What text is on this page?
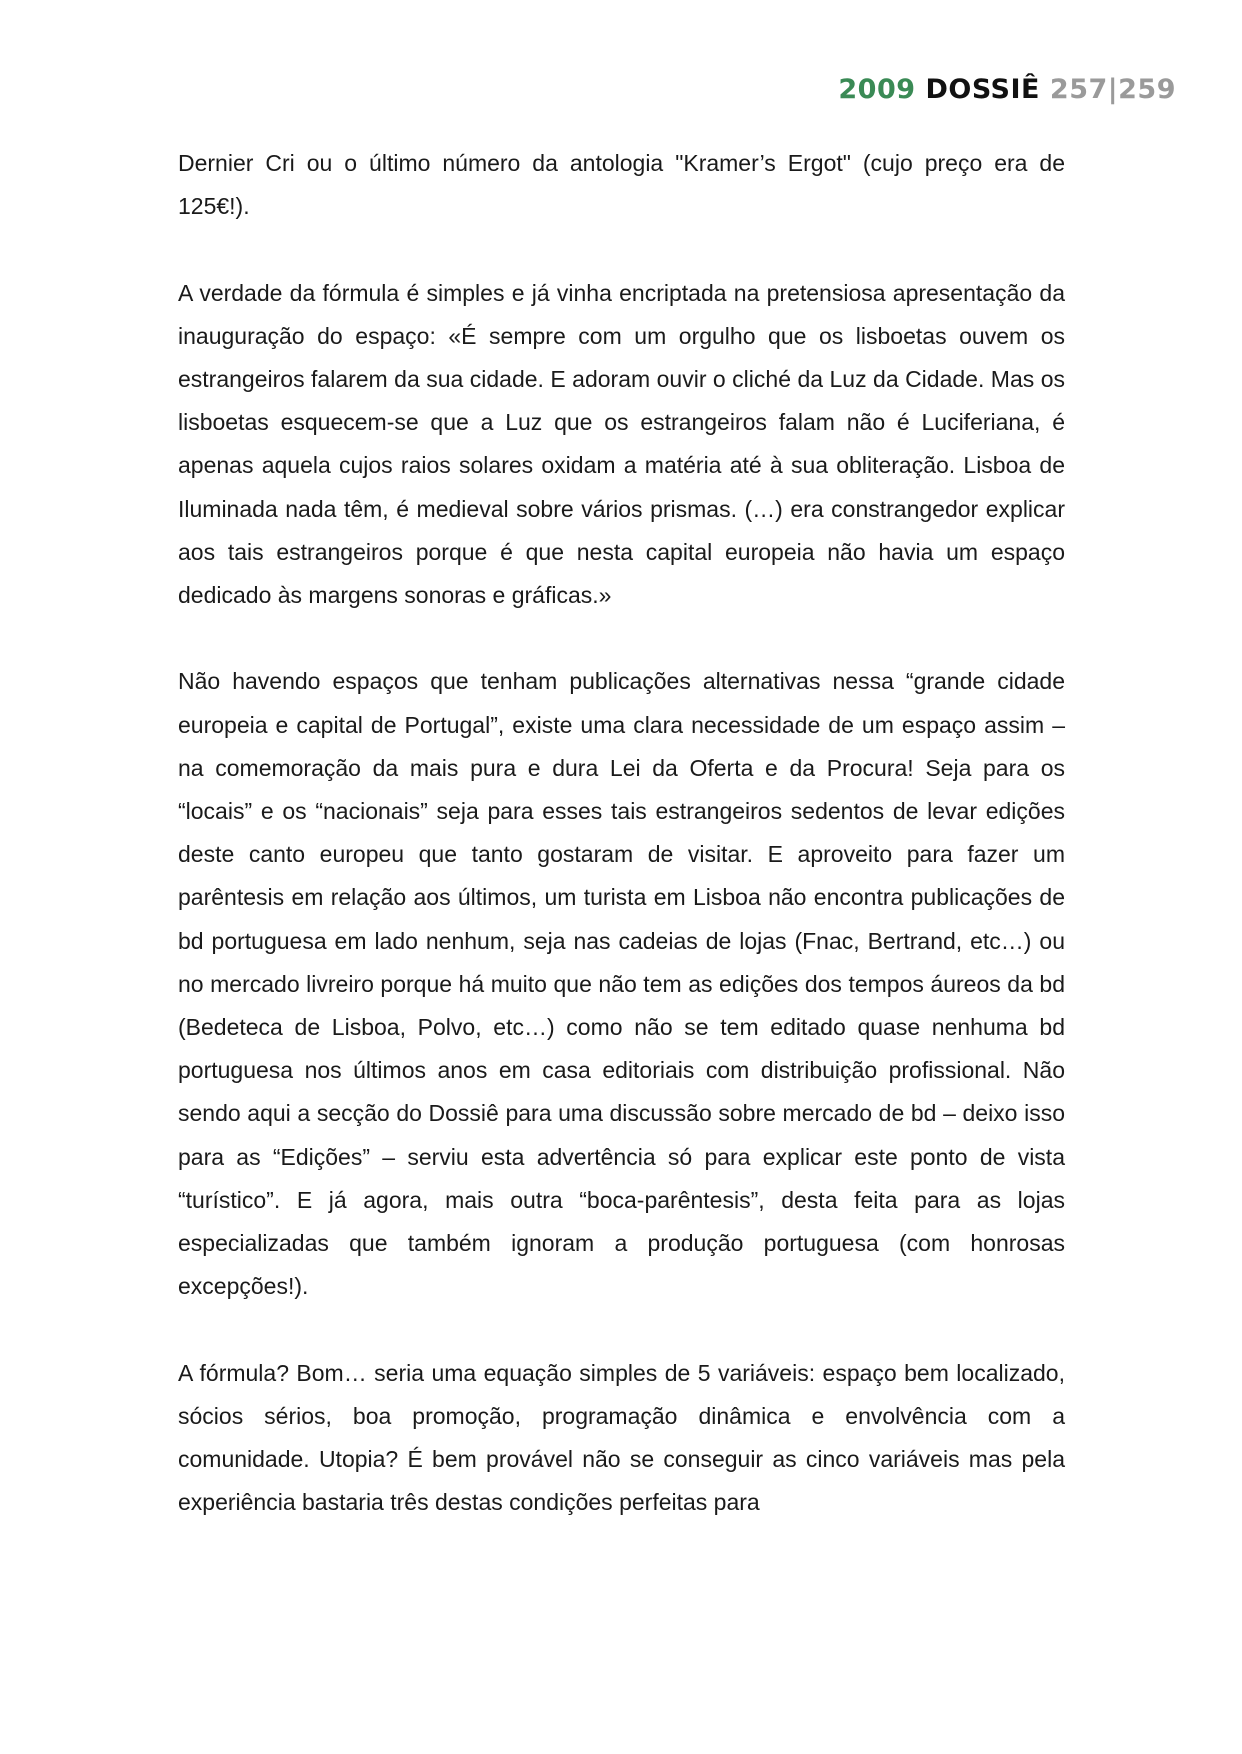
2009 DOSSIÊ 257|259

Dernier Cri ou o último número da antologia "Kramer’s Ergot" (cujo preço era de 125€!).

A verdade da fórmula é simples e já vinha encriptada na pretensiosa apresentação da inauguração do espaço: «É sempre com um orgulho que os lisboetas ouvem os estrangeiros falarem da sua cidade. E adoram ouvir o cliché da Luz da Cidade. Mas os lisboetas esquecem-se que a Luz que os estrangeiros falam não é Luciferiana, é apenas aquela cujos raios solares oxidam a matéria até à sua obliteração. Lisboa de Iluminada nada têm, é medieval sobre vários prismas. (…) era constrangedor explicar aos tais estrangeiros porque é que nesta capital europeia não havia um espaço dedicado às margens sonoras e gráficas.»

Não havendo espaços que tenham publicações alternativas nessa “grande cidade europeia e capital de Portugal”, existe uma clara necessidade de um espaço assim – na comemoração da mais pura e dura Lei da Oferta e da Procura! Seja para os “locais” e os “nacionais” seja para esses tais estrangeiros sedentos de levar edições deste canto europeu que tanto gostaram de visitar. E aproveito para fazer um parêntesis em relação aos últimos, um turista em Lisboa não encontra publicações de bd portuguesa em lado nenhum, seja nas cadeias de lojas (Fnac, Bertrand, etc…) ou no mercado livreiro porque há muito que não tem as edições dos tempos áureos da bd (Bedeteca de Lisboa, Polvo, etc…) como não se tem editado quase nenhuma bd portuguesa nos últimos anos em casa editoriais com distribuição profissional. Não sendo aqui a secção do Dossiê para uma discussão sobre mercado de bd – deixo isso para as “Edições” – serviu esta advertência só para explicar este ponto de vista “turístico”. E já agora, mais outra “boca-parêntesis”, desta feita para as lojas especializadas que também ignoram a produção portuguesa (com honrosas excepções!).

A fórmula? Bom… seria uma equação simples de 5 variáveis: espaço bem localizado, sócios sérios, boa promoção, programação dinâmica e envolvência com a comunidade. Utopia? É bem provável não se conseguir as cinco variáveis mas pela experiência bastaria três destas condições perfeitas para
